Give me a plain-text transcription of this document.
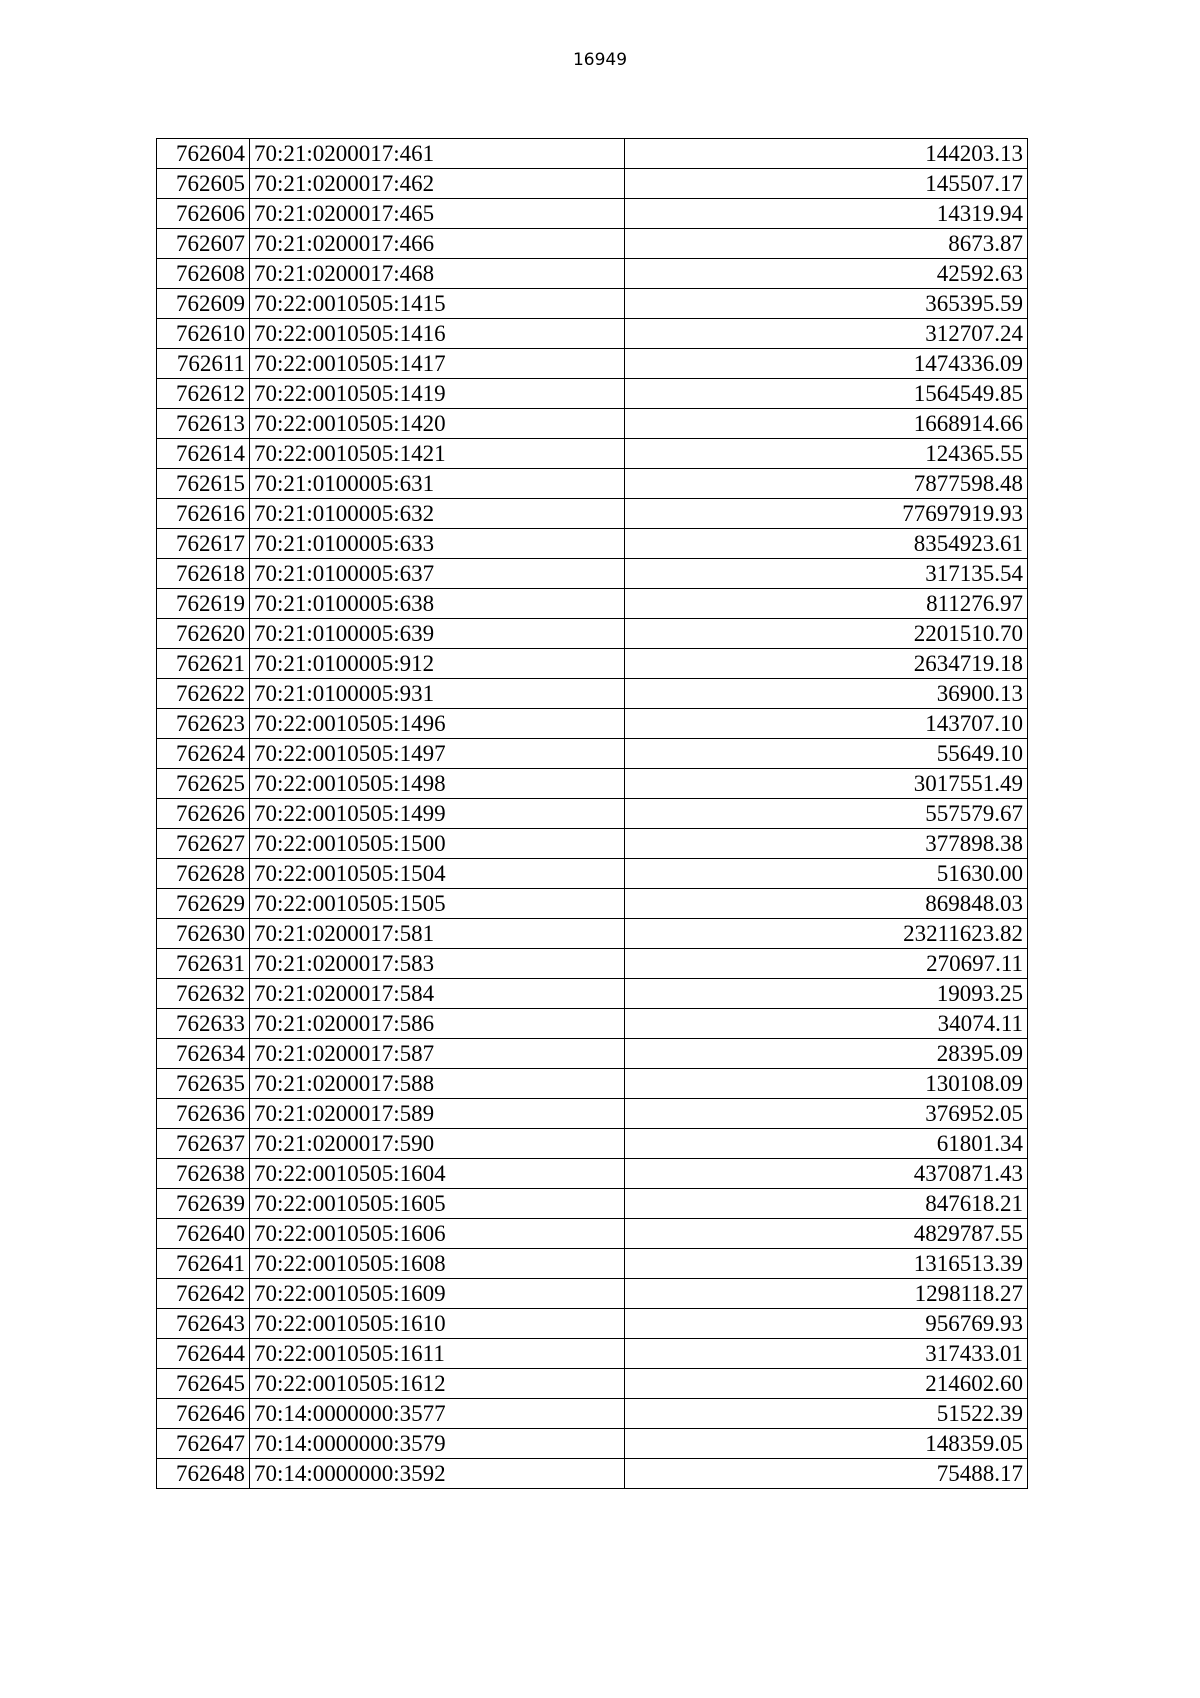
16949
762604	70:21:0200017:461	144203.13
762605	70:21:0200017:462	145507.17
762606	70:21:0200017:465	14319.94
762607	70:21:0200017:466	8673.87
762608	70:21:0200017:468	42592.63
762609	70:22:0010505:1415	365395.59
762610	70:22:0010505:1416	312707.24
762611	70:22:0010505:1417	1474336.09
762612	70:22:0010505:1419	1564549.85
762613	70:22:0010505:1420	1668914.66
762614	70:22:0010505:1421	124365.55
762615	70:21:0100005:631	7877598.48
762616	70:21:0100005:632	77697919.93
762617	70:21:0100005:633	8354923.61
762618	70:21:0100005:637	317135.54
762619	70:21:0100005:638	811276.97
762620	70:21:0100005:639	2201510.70
762621	70:21:0100005:912	2634719.18
762622	70:21:0100005:931	36900.13
762623	70:22:0010505:1496	143707.10
762624	70:22:0010505:1497	55649.10
762625	70:22:0010505:1498	3017551.49
762626	70:22:0010505:1499	557579.67
762627	70:22:0010505:1500	377898.38
762628	70:22:0010505:1504	51630.00
762629	70:22:0010505:1505	869848.03
762630	70:21:0200017:581	23211623.82
762631	70:21:0200017:583	270697.11
762632	70:21:0200017:584	19093.25
762633	70:21:0200017:586	34074.11
762634	70:21:0200017:587	28395.09
762635	70:21:0200017:588	130108.09
762636	70:21:0200017:589	376952.05
762637	70:21:0200017:590	61801.34
762638	70:22:0010505:1604	4370871.43
762639	70:22:0010505:1605	847618.21
762640	70:22:0010505:1606	4829787.55
762641	70:22:0010505:1608	1316513.39
762642	70:22:0010505:1609	1298118.27
762643	70:22:0010505:1610	956769.93
762644	70:22:0010505:1611	317433.01
762645	70:22:0010505:1612	214602.60
762646	70:14:0000000:3577	51522.39
762647	70:14:0000000:3579	148359.05
762648	70:14:0000000:3592	75488.17
